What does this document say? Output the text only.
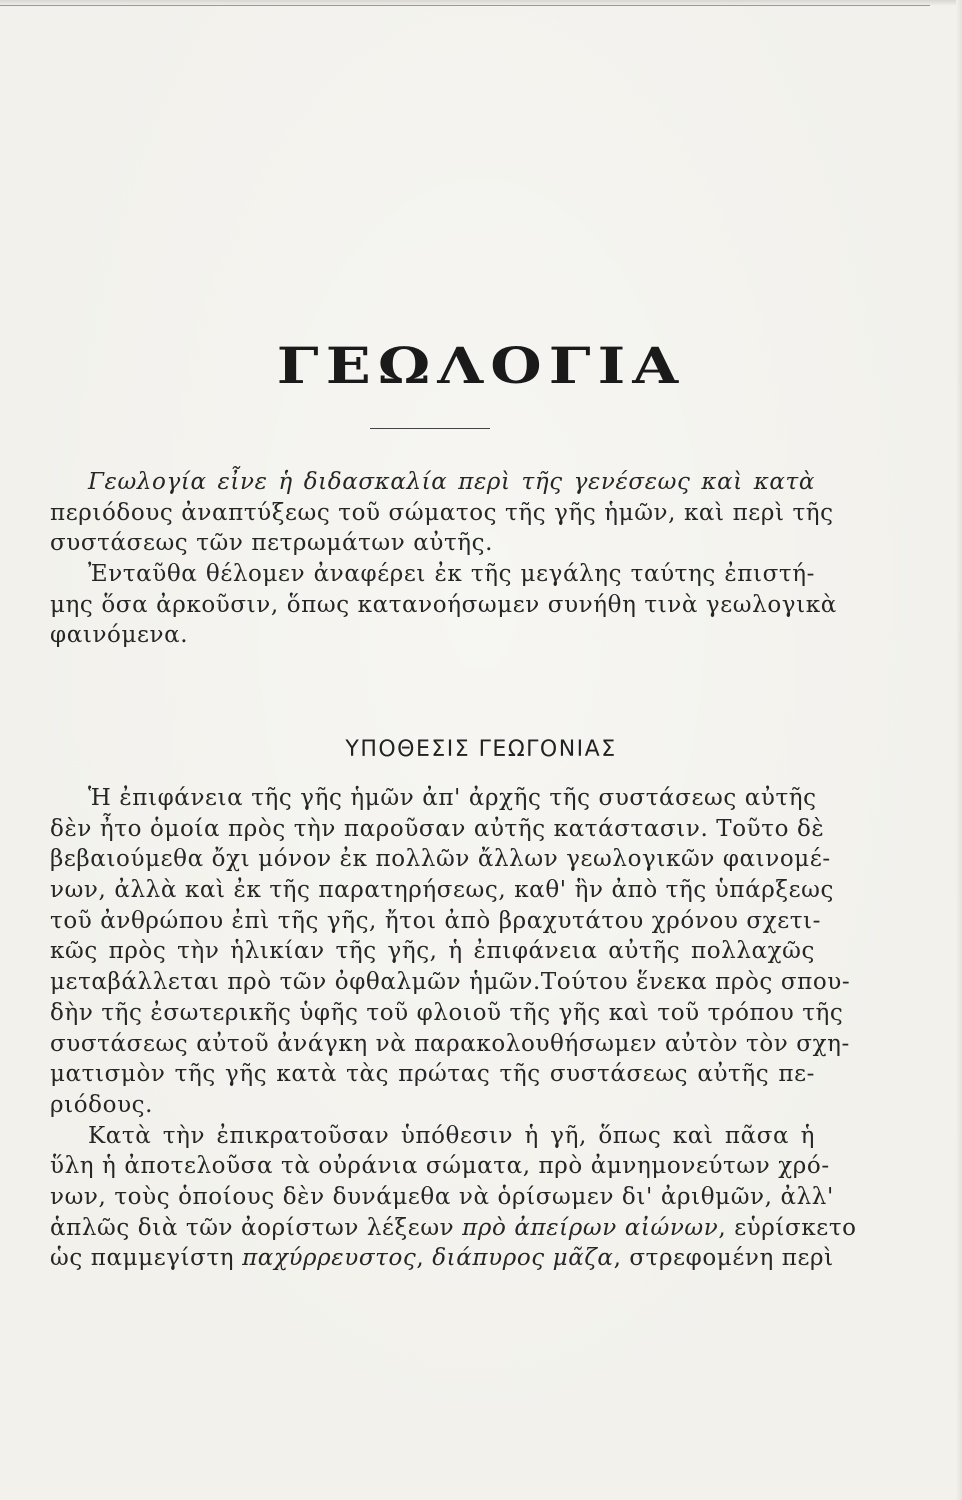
ΓΕΩΛΟΓΙΑ
Γεωλογία εἶνε ἡ διδασκαλία περὶ τῆς γενέσεως καὶ κατὰ
περιόδους ἀναπτύξεως τοῦ σώματος τῆς γῆς ἡμῶν, καὶ περὶ τῆς
συστάσεως τῶν πετρωμάτων αὐτῆς.
Ἐνταῦθα θέλομεν ἀναφέρει ἐκ τῆς μεγάλης ταύτης ἐπιστή-
μης ὅσα ἀρκοῦσιν, ὅπως κατανοήσωμεν συνήθη τινὰ γεωλογικὰ
φαινόμενα.
ΥΠΟΘΕΣΙΣ ΓΕΩΓΟΝΙΑΣ
Ἡ ἐπιφάνεια τῆς γῆς ἡμῶν ἀπ' ἀρχῆς τῆς συστάσεως αὐτῆς
δὲν ἦτο ὁμοία πρὸς τὴν παροῦσαν αὐτῆς κατάστασιν. Τοῦτο δὲ
βεβαιούμεθα ὄχι μόνον ἐκ πολλῶν ἄλλων γεωλογικῶν φαινομέ-
νων, ἀλλὰ καὶ ἐκ τῆς παρατηρήσεως, καθ' ἣν ἀπὸ τῆς ὑπάρξεως
τοῦ ἀνθρώπου ἐπὶ τῆς γῆς, ἤτοι ἀπὸ βραχυτάτου χρόνου σχετι-
κῶς πρὸς τὴν ἡλικίαν τῆς γῆς, ἡ ἐπιφάνεια αὐτῆς πολλαχῶς
μεταβάλλεται πρὸ τῶν ὀφθαλμῶν ἡμῶν.Τούτου ἕνεκα πρὸς σπου-
δὴν τῆς ἐσωτερικῆς ὑφῆς τοῦ φλοιοῦ τῆς γῆς καὶ τοῦ τρόπου τῆς
συστάσεως αὐτοῦ ἀνάγκη νὰ παρακολουθήσωμεν αὐτὸν τὸν σχη-
ματισμὸν τῆς γῆς κατὰ τὰς πρώτας τῆς συστάσεως αὐτῆς πε-
ριόδους.
Κατὰ τὴν ἐπικρατοῦσαν ὑπόθεσιν ἡ γῆ, ὅπως καὶ πᾶσα ἡ
ὕλη ἡ ἀποτελοῦσα τὰ οὐράνια σώματα, πρὸ ἀμνημονεύτων χρό-
νων, τοὺς ὁποίους δὲν δυνάμεθα νὰ ὁρίσωμεν δι' ἀριθμῶν, ἀλλ'
ἁπλῶς διὰ τῶν ἀορίστων λέξεων πρὸ ἀπείρων αἰώνων, εὑρίσκετο
ὡς παμμεγίστη παχύρρευστος, διάπυρος μᾶζα, στρεφομένη περὶ
